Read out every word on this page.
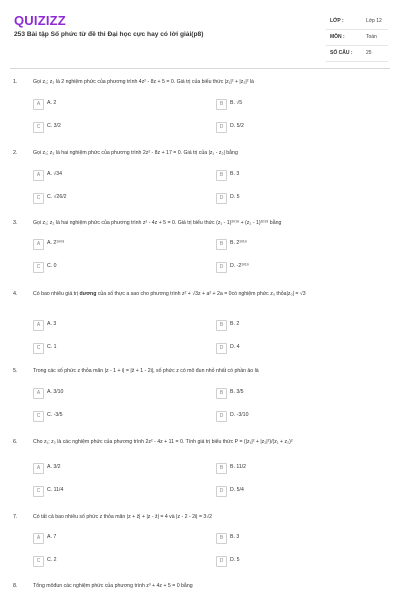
QUIZIZZ
253 Bài tập Số phức từ đề thi Đại học cực hay có lời giải(p8)
LỚP :	Lớp 12
MÔN :	Toán
SỐ CÂU :	25
1.	Gọi z₁; z₂ là 2 nghiệm phức của phương trình 4z² - 8z + 5 = 0. Giá trị của biểu thức |z₁|² + |z₂|² là
A	A. 2	B	B. √5
C	C. 3/2	D	D. 5/2
2.	Gọi z₁; z₂ là hai nghiệm phức của phương trình 2z² - 8z + 17 = 0. Giá trị của |z₁ - z₂| bằng
A	A. √34	B	B. 3
C	C. √26/2	D	D. 5
3.	Gọi z₁; z₂ là hai nghiệm phức của phương trình z² - 4z + 5 = 0. Giá trị biểu thức (z₁ - 1)²⁰¹⁹ + (z₂ - 1)²⁰¹⁹ bằng
A	A. 2¹⁰⁰⁹	B	B. 2¹⁰¹⁰
C	C. 0	D	D. -2¹⁰¹⁰
4.	Có bao nhiêu giá trị dương của số thực a sao cho phương trình z² + √3z + a² + 2a = 0có nghiệm phức z₀ thỏa|z₀| = √3
A	A. 3	B	B. 2
C	C. 1	D	D. 4
5.	Trong các số phức z thỏa mãn |z - 1 + i| = |z̄ + 1 - 2i|, số phức z có mô đun nhỏ nhất có phần ảo là
A	A. 3/10	B	B. 3/5
C	C. -3/5	D	D. -3/10
6.	Cho z₁; z₂ là các nghiệm phức của phương trình 2z² - 4z + 11 = 0. Tính giá trị biểu thức P = (|z₁|² + |z₂|²)/(z₁ + z₂)²
A	A. 3/2	B	B. 11/2
C	C. 11/4	D	D. 5/4
7.	Có tất cả bao nhiêu số phức z thỏa mãn |z + z̄| + |z - z̄| = 4 và |z - 2 - 2i| = 3√2
A	A. 7	B	B. 3
C	C. 2	D	D. 5
8.	Tổng môđun các nghiệm phức của phương trình z³ + 4z + 5 = 0 bằng
